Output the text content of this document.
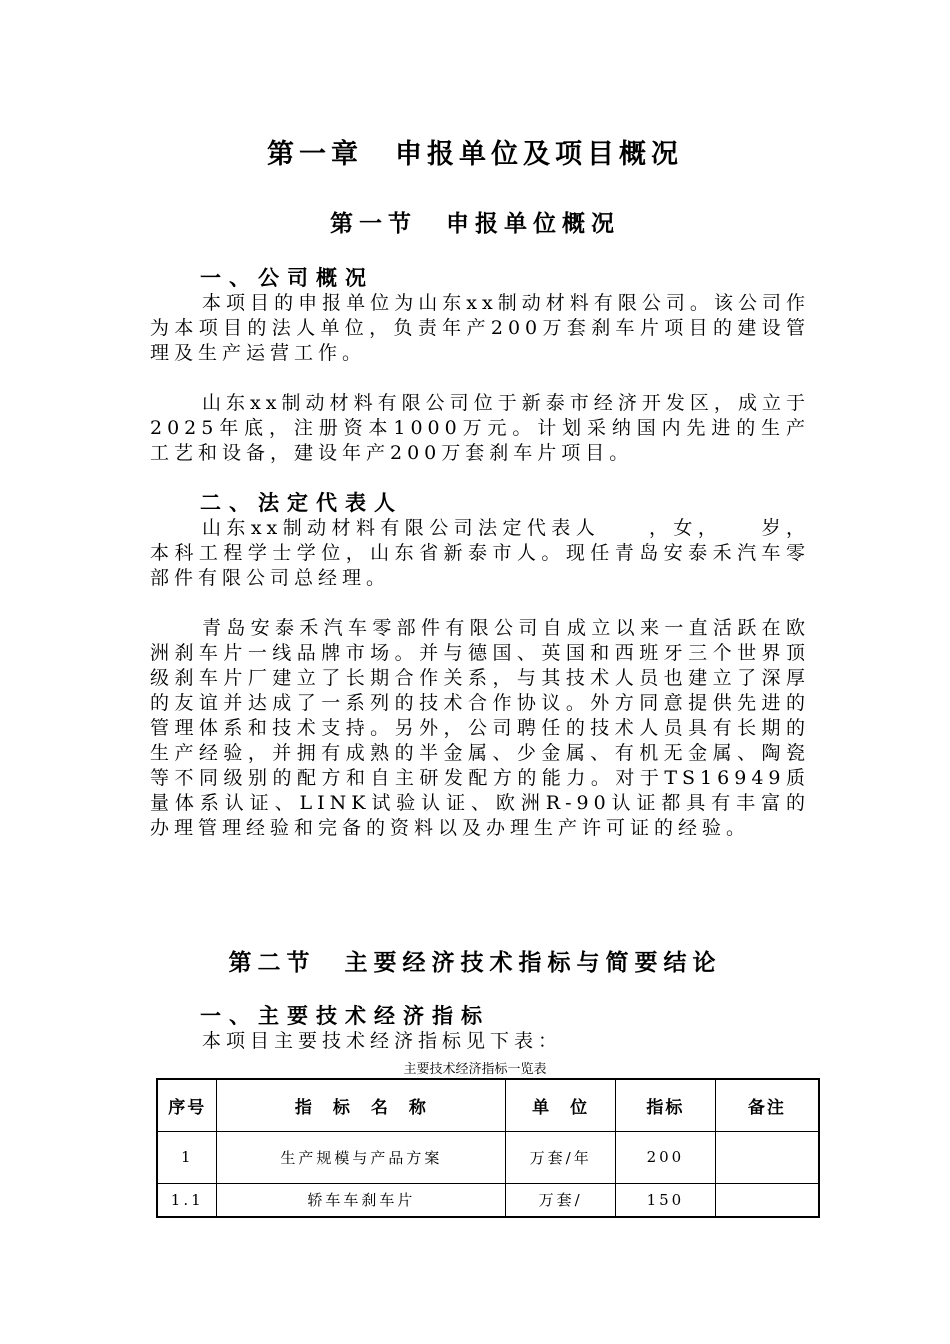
第一章　申报单位及项目概况
第一节　申报单位概况
一、公司概况

本项目的申报单位为山东xx制动材料有限公司。该公司作为本项目的法人单位，负责年产200万套刹车片项目的建设管理及生产运营工作。

山东xx制动材料有限公司位于新泰市经济开发区，成立于2025年底，注册资本1000万元。计划采纳国内先进的生产工艺和设备，建设年产200万套刹车片项目。

二、法定代表人

山东xx制动材料有限公司法定代表人　　，女，　　岁，本科工程学士学位，山东省新泰市人。现任青岛安泰禾汽车零部件有限公司总经理。

青岛安泰禾汽车零部件有限公司自成立以来一直活跃在欧洲刹车片一线品牌市场。并与德国、英国和西班牙三个世界顶级刹车片厂建立了长期合作关系，与其技术人员也建立了深厚的友谊并达成了一系列的技术合作协议。外方同意提供先进的管理体系和技术支持。另外，公司聘任的技术人员具有长期的生产经验，并拥有成熟的半金属、少金属、有机无金属、陶瓷等不同级别的配方和自主研发配方的能力。对于TS16949质量体系认证、LINK试验认证、欧洲R-90认证都具有丰富的办理管理经验和完备的资料以及办理生产许可证的经验。

第二节　主要经济技术指标与简要结论
一、主要技术经济指标

本项目主要技术经济指标见下表：

主要技术经济指标一览表

序号	指　标　名　称	单　位	指标	备注
1	生产规模与产品方案	万套/年	200	
1.1	轿车车刹车片	万套/	150	
